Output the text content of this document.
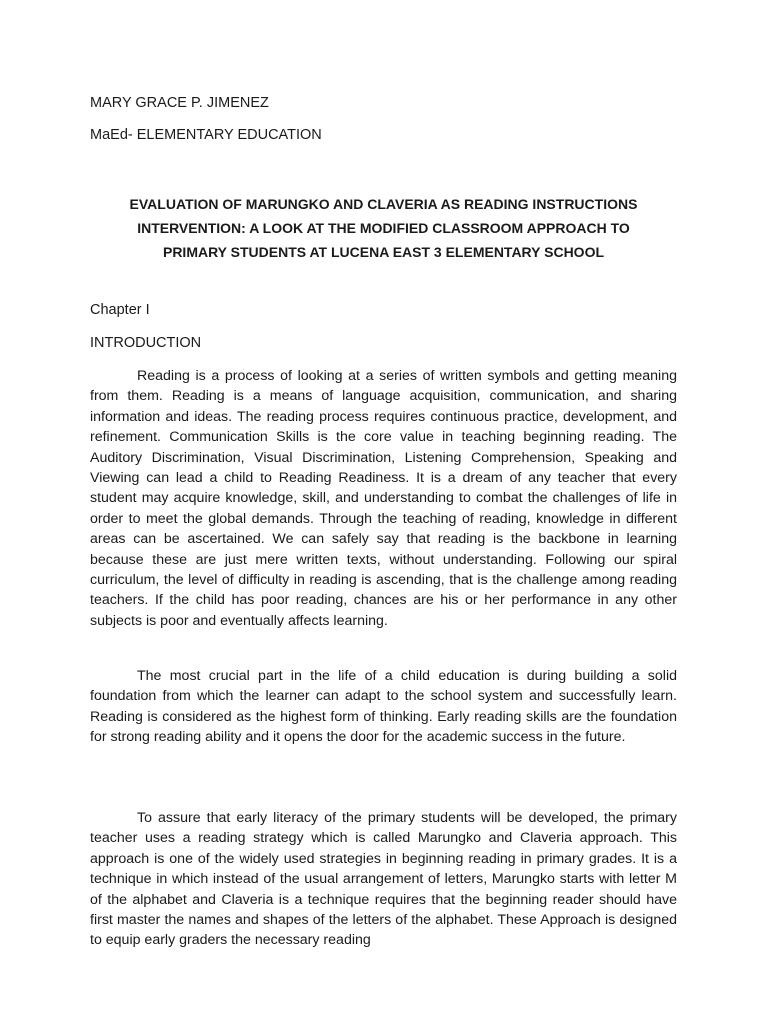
MARY GRACE P. JIMENEZ
MaEd- ELEMENTARY EDUCATION
EVALUATION OF MARUNGKO AND CLAVERIA AS READING INSTRUCTIONS
INTERVENTION: A LOOK AT THE MODIFIED CLASSROOM APPROACH TO
PRIMARY STUDENTS AT LUCENA EAST 3 ELEMENTARY SCHOOL
Chapter I
INTRODUCTION

Reading is a process of looking at a series of written symbols and getting meaning from them. Reading is a means of language acquisition, communication, and sharing information and ideas. The reading process requires continuous practice, development, and refinement. Communication Skills is the core value in teaching beginning reading. The Auditory Discrimination, Visual Discrimination, Listening Comprehension, Speaking and Viewing can lead a child to Reading Readiness. It is a dream of any teacher that every student may acquire knowledge, skill, and understanding to combat the challenges of life in order to meet the global demands. Through the teaching of reading, knowledge in different areas can be ascertained. We can safely say that reading is the backbone in learning because these are just mere written texts, without understanding. Following our spiral curriculum, the level of difficulty in reading is ascending, that is the challenge among reading teachers. If the child has poor reading, chances are his or her performance in any other subjects is poor and eventually affects learning.

The most crucial part in the life of a child education is during building a solid foundation from which the learner can adapt to the school system and successfully learn. Reading is considered as the highest form of thinking. Early reading skills are the foundation for strong reading ability and it opens the door for the academic success in the future.

To assure that early literacy of the primary students will be developed, the primary teacher uses a reading strategy which is called Marungko and Claveria approach. This approach is one of the widely used strategies in beginning reading in primary grades. It is a technique in which instead of the usual arrangement of letters, Marungko starts with letter M of the alphabet and Claveria is a technique requires that the beginning reader should have first master the names and shapes of the letters of the alphabet. These Approach is designed to equip early graders the necessary reading
